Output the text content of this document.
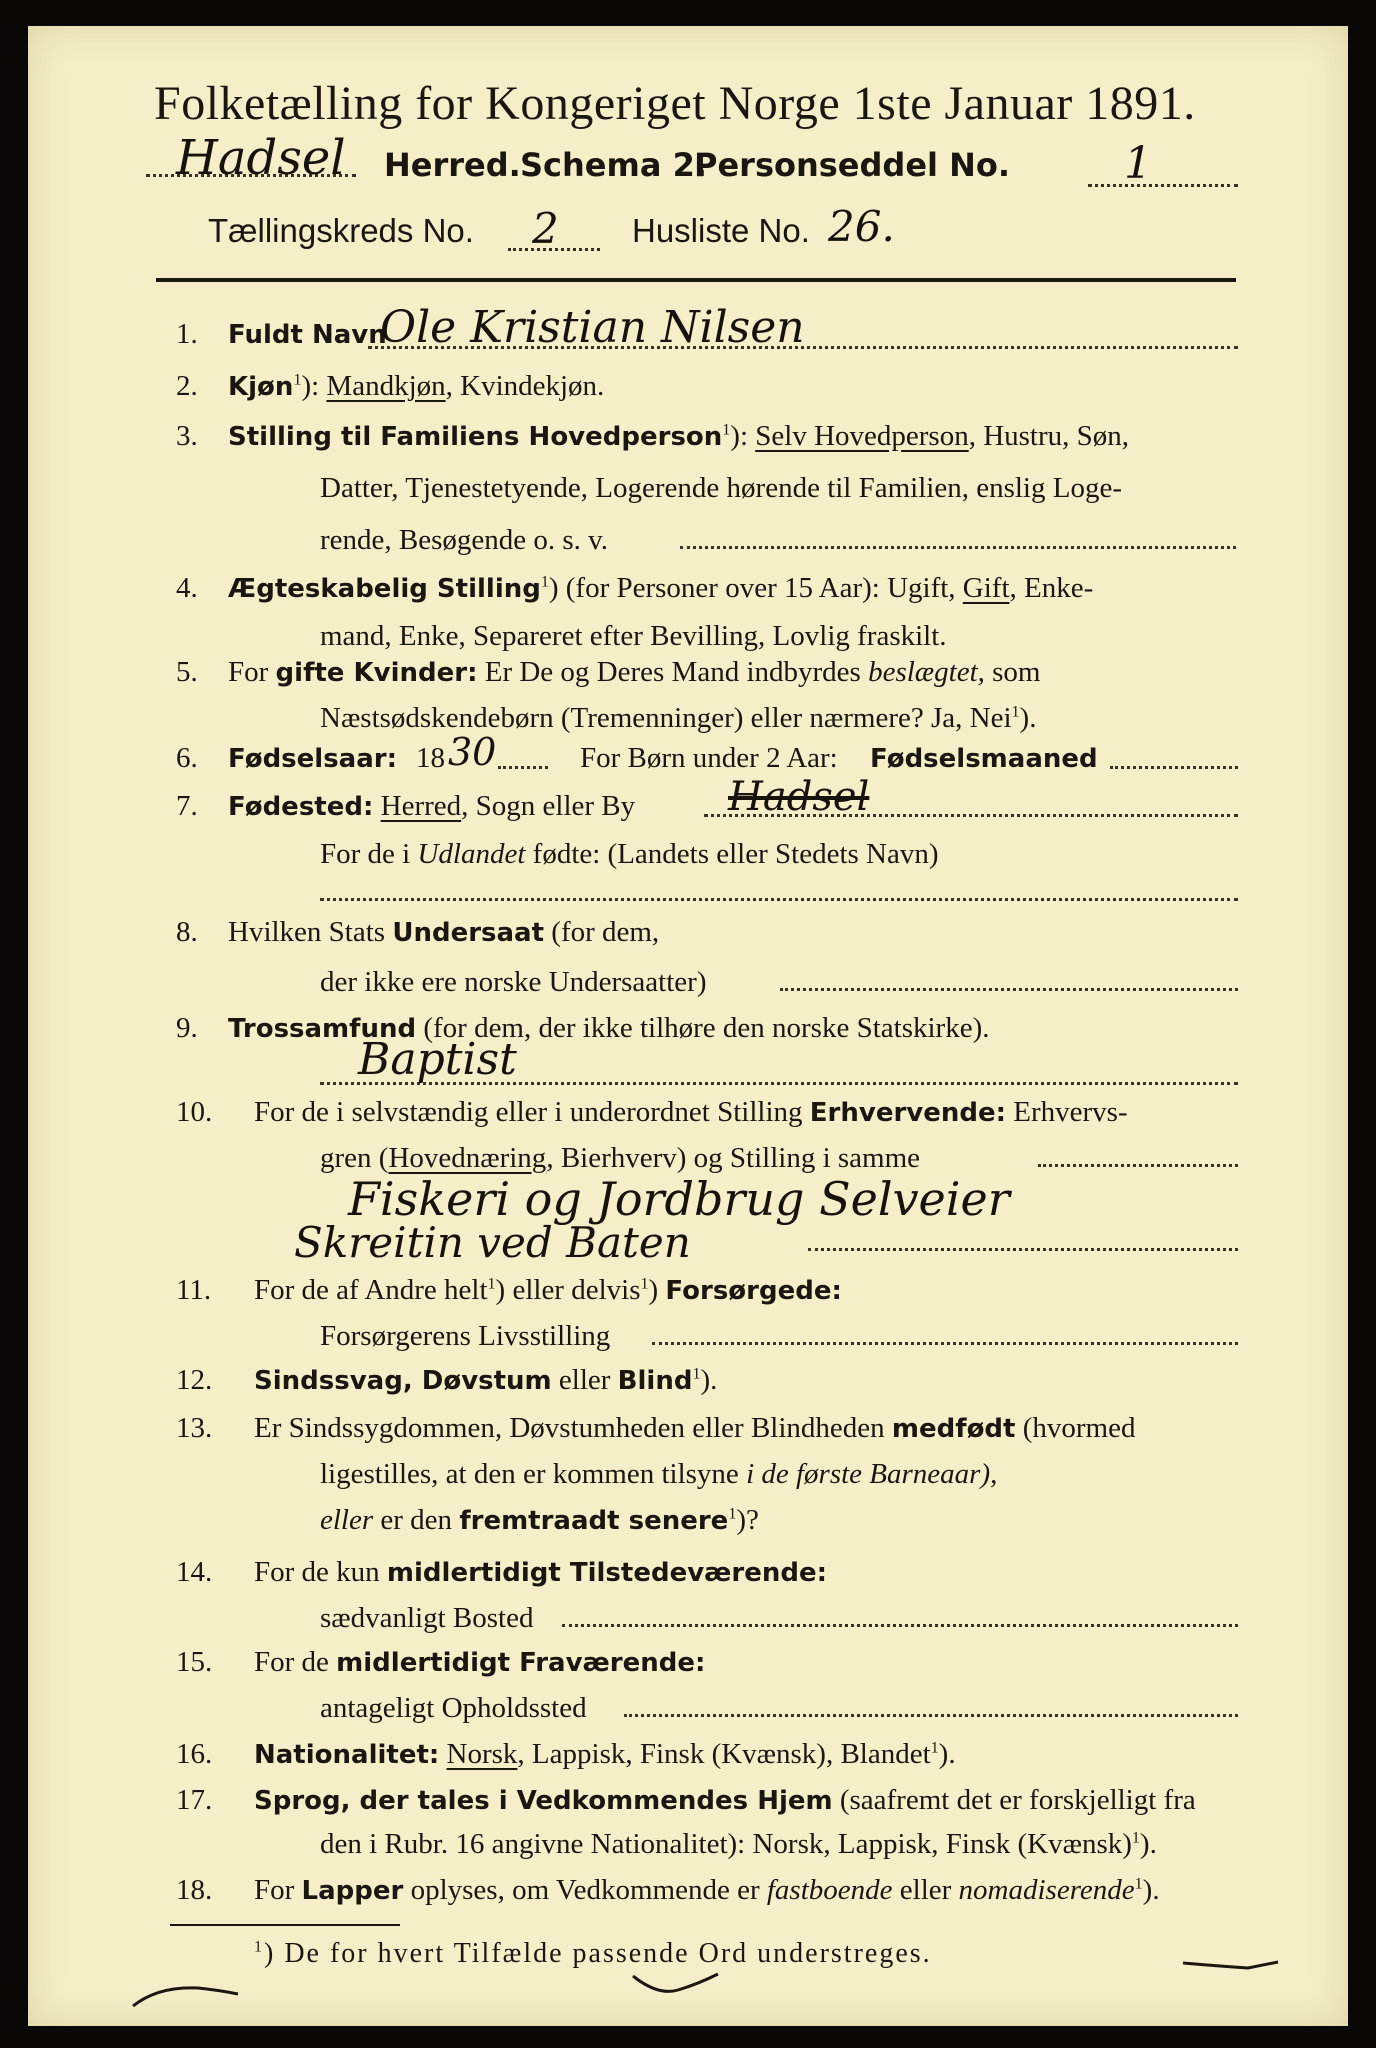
Folketælling for Kongeriget Norge 1ste Januar 1891.
Hadsel Herred. Schema 2.
Personseddel No.	1
Tællingskreds No. 2 Husliste No. 26.
1. Fuldt Navn
Ole Kristian Nilsen
2. Kjøn$^1$): Mandkjøn, Kvindekjøn.
3. Stilling til Familiens Hovedperson$^1$): Selv Hovedperson, Hustru, Søn,
Datter, Tjenestetyende, Logerende hørende til Familien, enslig Loge-
rende, Besøgende o. s. v.
4. Ægteskabelig Stilling$^1$) (for Personer over 15 Aar): Ugift, Gift, Enke-
mand, Enke, Separeret efter Bevilling, Lovlig fraskilt.
5. For gifte Kvinder: Er De og Deres Mand indbyrdes beslægtet, som
Næstsødskendebørn (Tremenninger) eller nærmere? Ja, Nei$^1$).
6. Fødselsaar: 18 30	For Børn under 2 Aar: Fødselsmaaned
7. Fødested: Herred, Sogn eller By Hadsel
For de i Udlandet fødte: (Landets eller Stedets Navn)
8. Hvilken Stats Undersaat (for dem,
der ikke ere norske Undersaatter)
9. Trossamfund (for dem, der ikke tilhøre den norske Statskirke).
Baptist
10. For de i selvstændig eller i underordnet Stilling Erhvervende: Erhvervs-
gren (Hovednæring, Bierhverv) og Stilling i samme
Fiskeri og Jordbrug Selveier
Skreitin ved Baten
11. For de af Andre helt$^1$) eller delvis$^1$) Forsørgede:
Forsørgerens Livsstilling
12. Sindssvag, Døvstum eller Blind$^1$).
13. Er Sindssygdommen, Døvstumheden eller Blindheden medfødt (hvormed
ligestilles, at den er kommen tilsyne i de første Barneaar),
eller er den fremtraadt senere$^1$)?
14. For de kun midlertidigt Tilstedeværende:
sædvanligt Bosted
15. For de midlertidigt Fraværende:
antageligt Opholdssted
16. Nationalitet: Norsk, Lappisk, Finsk (Kvænsk), Blandet$^1$).
17. Sprog, der tales i Vedkommendes Hjem (saafremt det er forskjelligt fra
den i Rubr. 16 angivne Nationalitet): Norsk, Lappisk, Finsk (Kvænsk)$^1$).
18. For Lapper oplyses, om Vedkommende er fastboende eller nomadiserende$^1$).
$^1$) De for hvert Tilfælde passende Ord understreges.
